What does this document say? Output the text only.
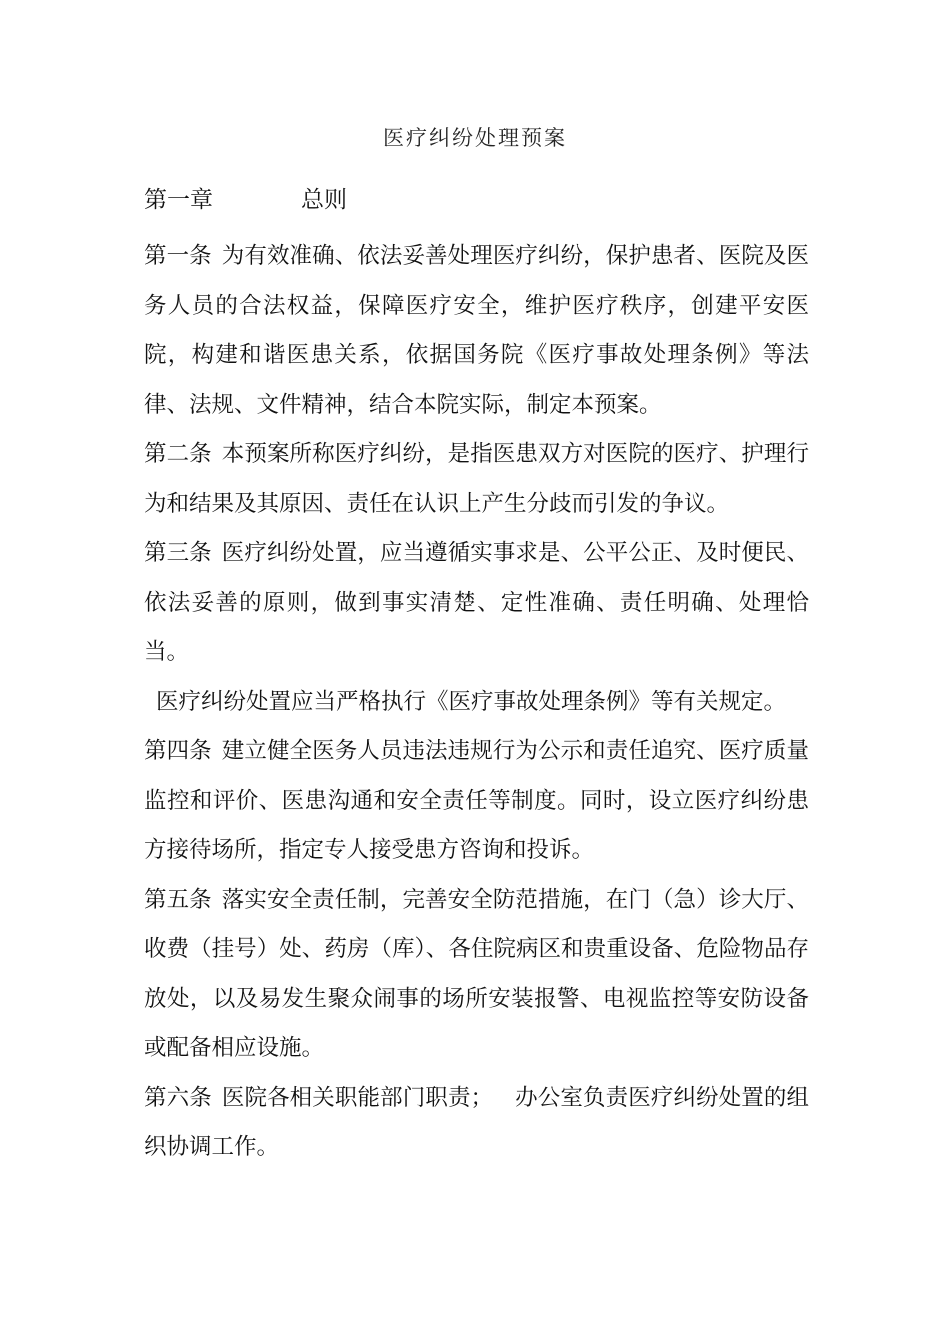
医疗纠纷处理预案
第一章	总则

第一条 为有效准确、依法妥善处理医疗纠纷，保护患者、医院及医务人员的合法权益，保障医疗安全，维护医疗秩序，创建平安医院，构建和谐医患关系，依据国务院《医疗事故处理条例》等法律、法规、文件精神，结合本院实际，制定本预案。

第二条 本预案所称医疗纠纷，是指医患双方对医院的医疗、护理行为和结果及其原因、责任在认识上产生分歧而引发的争议。

第三条 医疗纠纷处置，应当遵循实事求是、公平公正、及时便民、依法妥善的原则，做到事实清楚、定性准确、责任明确、处理恰当。

医疗纠纷处置应当严格执行《医疗事故处理条例》等有关规定。

第四条 建立健全医务人员违法违规行为公示和责任追究、医疗质量监控和评价、医患沟通和安全责任等制度。同时，设立医疗纠纷患方接待场所，指定专人接受患方咨询和投诉。

第五条 落实安全责任制，完善安全防范措施，在门（急）诊大厅、收费（挂号）处、药房（库）、各住院病区和贵重设备、危险物品存放处，以及易发生聚众闹事的场所安装报警、电视监控等安防设备或配备相应设施。

第六条 医院各相关职能部门职责； 办公室负责医疗纠纷处置的组织协调工作。
